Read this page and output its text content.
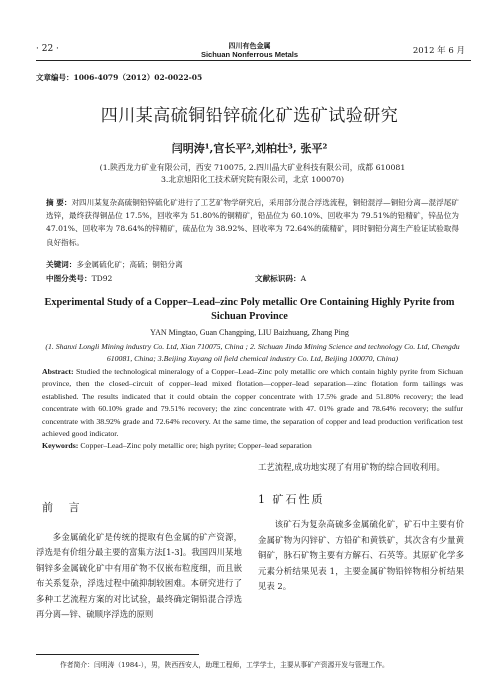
· 22 ·	四川有色金属
Sichuan Nonferrous Metals	2012 年 6 月
文章编号：1006-4079（2012）02-0022-05
四川某高硫铜铅锌硫化矿选矿试验研究
闫明涛¹,官长平²,刘柏壮³, 张平²
(1.陕西龙力矿业有限公司，西安 710075, 2.四川晶大矿业科技有限公司，成都 610081
3.北京旭阳化工技术研究院有限公司，北京 100070)
摘 要：对四川某复杂高硫铜铅锌硫化矿进行了工艺矿物学研究后，采用部分混合浮选流程，铜铅混浮—铜铅分离—混浮尾矿选锌，最终获得铜品位 17.5%，回收率为 51.80%的铜精矿，铅品位为 60.10%、回收率为 79.51%的铅精矿，锌品位为 47.01%、回收率为 78.64%的锌精矿，硫品位为 38.92%、回收率为 72.64%的硫精矿，同时铜铅分离生产验证试验取得良好指标。
关键词：多金属硫化矿；高硫；铜铅分离
中图分类号：TD92	文献标识码：A
Experimental Study of a Copper–Lead–zinc Poly metallic Ore Containing Highly Pyrite from Sichuan Province
YAN Mingtao, Guan Changping, LIU Baizhuang, Zhang Ping
(1. Shanxi Longli Mining industry Co. Ltd, Xian 710075, China ; 2. Sichuan Jinda Mining Science and technology Co. Ltd, Chengdu 610081, China; 3.Beijing Xuyang oil field chemical industry Co. Ltd, Beijing 100070, China)
Abstract: Studied the technological mineralogy of a Copper–Lead–Zinc poly metallic ore which contain highly pyrite from Sichuan province, then the closed–circuit of copper–lead mixed flotation—copper–lead separation—zinc flotation form tailings was established. The results indicated that it could obtain the copper concentrate with 17.5% grade and 51.80% recovery; the lead concentrate with 60.10% grade and 79.51% recovery; the zinc concentrate with 47. 01% grade and 78.64% recovery; the sulfur concentrate with 38.92% grade and 72.64% recovery. At the same time, the separation of copper and lead production verification test achieved good indicator.
Keywords: Copper–Lead–Zinc poly metallic ore; high pyrite; Copper–lead separation
前 言
多金属硫化矿是传统的提取有色金属的矿产资源，浮选是有价组分最主要的富集方法[1-3]。我国四川某地铜锌多金属硫化矿中有用矿物不仅嵌布粒度细，而且嵌布关系复杂，浮选过程中硫抑制较困难。本研究进行了多种工艺流程方案的对比试验，最终确定铜铅混合浮选再分离—锌、硫顺序浮选的原则
工艺流程,成功地实现了有用矿物的综合回收利用。
1 矿石性质
该矿石为复杂高硫多金属硫化矿，矿石中主要有价金属矿物为闪锌矿、方铅矿和黄铁矿，其次含有少量黄铜矿，脉石矿物主要有方解石、石英等。其原矿化学多元素分析结果见表 1，主要金属矿物铅锌物相分析结果见表 2。
作者简介：闫明涛（1984-），男，陕西西安人，助理工程师，工学学士，主要从事矿产资源开发与管理工作。
